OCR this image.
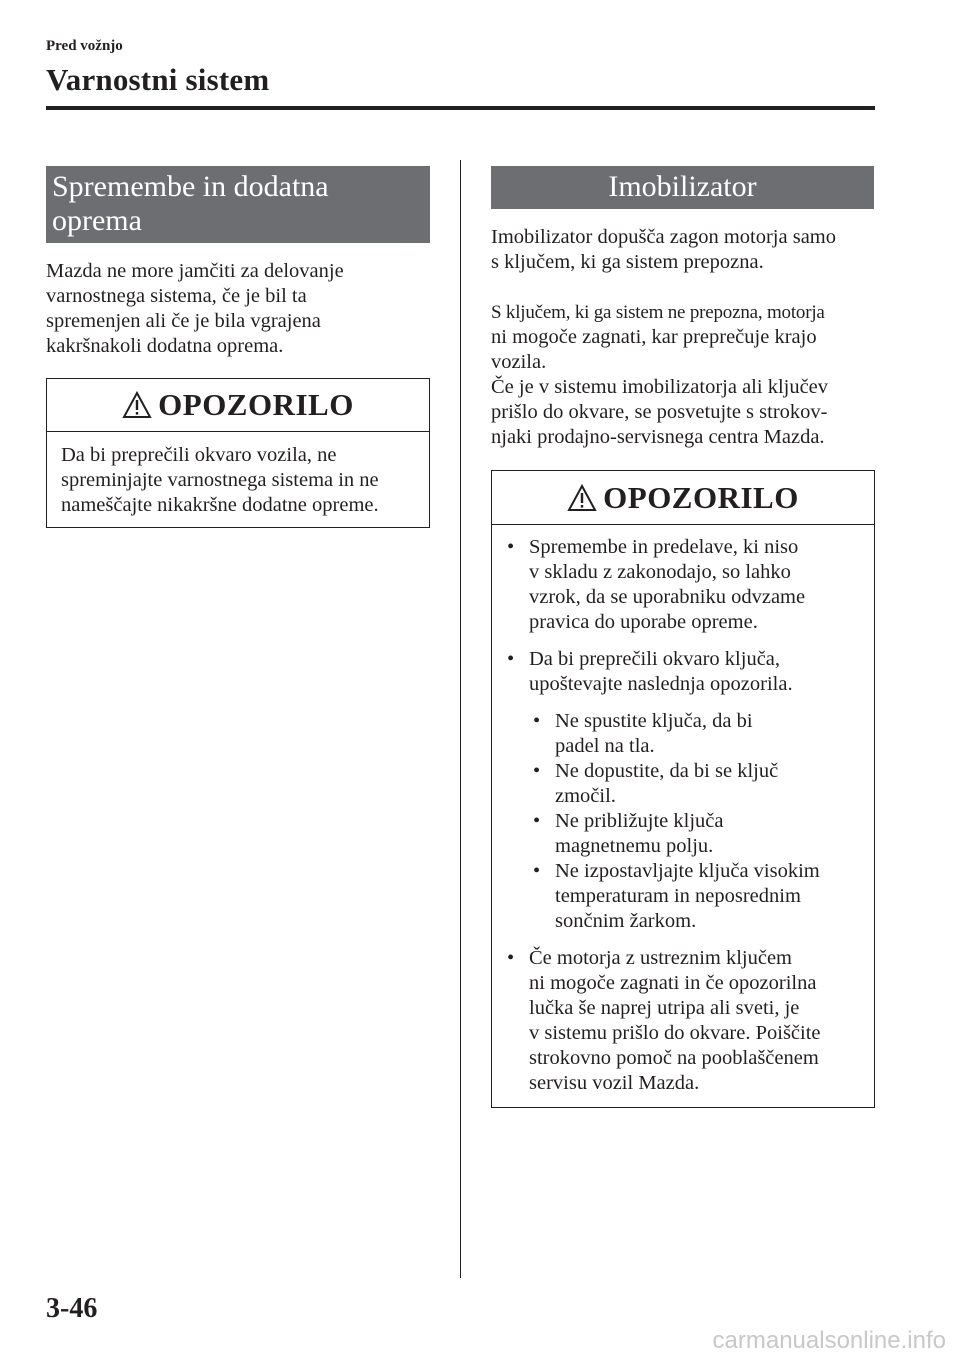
Pred vožnjo
Varnostni sistem
Spremembe in dodatna
oprema
Mazda ne more jamčiti za delovanje
varnostnega sistema, če je bil ta
spremenjen ali če je bila vgrajena
kakršnakoli dodatna oprema.
OPOZORILO
Da bi preprečili okvaro vozila, ne
spreminjajte varnostnega sistema in ne
nameščajte nikakršne dodatne opreme.
Imobilizator
Imobilizator dopušča zagon motorja samo
s ključem, ki ga sistem prepozna.
S ključem, ki ga sistem ne prepozna, motorja
ni mogoče zagnati, kar preprečuje krajo
vozila.
Če je v sistemu imobilizatorja ali ključev
prišlo do okvare, se posvetujte s strokov-
njaki prodajno-servisnega centra Mazda.
OPOZORILO
• Spremembe in predelave, ki niso
v skladu z zakonodajo, so lahko
vzrok, da se uporabniku odvzame
pravica do uporabe opreme.
• Da bi preprečili okvaro ključa,
upoštevajte naslednja opozorila.
• Ne spustite ključa, da bi
padel na tla.
• Ne dopustite, da bi se ključ
zmočil.
• Ne približujte ključa
magnetnemu polju.
• Ne izpostavljajte ključa visokim
temperaturam in neposrednim
sončnim žarkom.
• Če motorja z ustreznim ključem
ni mogoče zagnati in če opozorilna
lučka še naprej utripa ali sveti, je
v sistemu prišlo do okvare. Poiščite
strokovno pomoč na pooblaščenem
servisu vozil Mazda.
3-46
carmanualsonline.info
